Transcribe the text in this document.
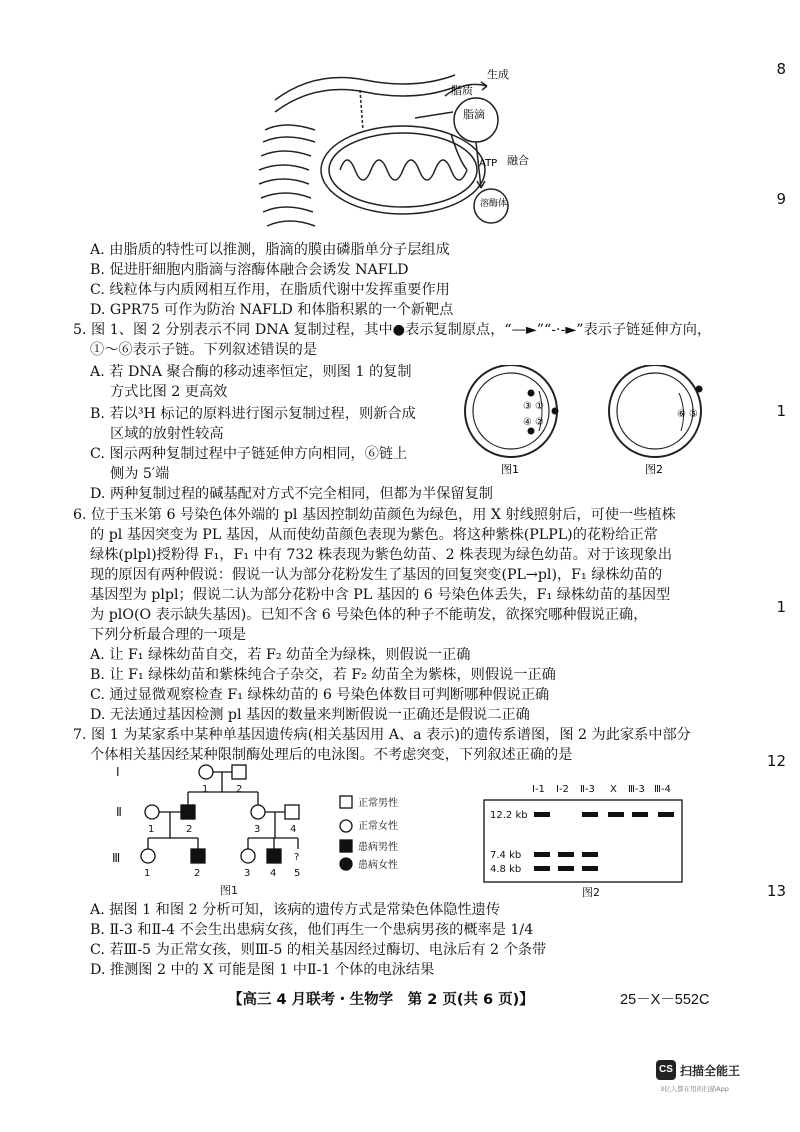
8
9
1
1
12
13
生成
脂质
脂滴
ATP 融合
溶酶体
A. 由脂质的特性可以推测，脂滴的膜由磷脂单分子层组成
B. 促进肝細胞内脂滴与溶酶体融合会诱发 NAFLD
C. 线粒体与内质网相互作用，在脂质代谢中发挥重要作用
D. GPR75 可作为防治 NAFLD 和体脂积累的一个新靶点
5. 图 1、图 2 分别表示不同 DNA 复制过程，其中●表示复制原点，“—►”“-·-►”表示子链延伸方向，
①～⑥表示子链。下列叙述错误的是
A. 若 DNA 聚合酶的移动速率恒定，则图 1 的复制
方式比图 2 更高效
B. 若以³H 标记的原料进行图示复制过程，则新合成
区域的放射性较高
C. 图示两种复制过程中子链延伸方向相同，⑥链上
侧为 5′端
D. 两种复制过程的碱基配对方式不完全相同，但都为半保留复制
③ ①
④ ②
⑥ ⑤
图1	图2
6. 位于玉米第 6 号染色体外端的 pl 基因控制幼苗颜色为绿色，用 X 射线照射后，可使一些植株
的 pl 基因突变为 PL 基因，从而使幼苗颜色表现为紫色。将这种紫株(PLPL)的花粉给正常
绿株(plpl)授粉得 F₁，F₁ 中有 732 株表现为紫色幼苗、2 株表现为绿色幼苗。对于该现象出
现的原因有两种假说：假说一认为部分花粉发生了基因的回复突变(PL→pl)，F₁ 绿株幼苗的
基因型为 plpl；假说二认为部分花粉中含 PL 基因的 6 号染色体丢失，F₁ 绿株幼苗的基因型
为 plO(O 表示缺失基因)。已知不含 6 号染色体的种子不能萌发，欲探究哪种假说正确，
下列分析最合理的一项是
A. 让 F₁ 绿株幼苗自交，若 F₂ 幼苗全为绿株，则假说一正确
B. 让 F₁ 绿株幼苗和紫株纯合子杂交，若 F₂ 幼苗全为紫株，则假说一正确
C. 通过显微观察检查 F₁ 绿株幼苗的 6 号染色体数目可判断哪种假说正确
D. 无法通过基因检测 pl 基因的数量来判断假说一正确还是假说二正确
7. 图 1 为某家系中某种单基因遗传病(相关基因用 A、a 表示)的遗传系谱图，图 2 为此家系中部分
个体相关基因经某种限制酶处理后的电泳图。不考虑突变，下列叙述正确的是
Ⅰ
Ⅱ
Ⅲ
1	2
1	2	3	4
1	2	3 4 5
?
图1
正常男性
正常女性
患病男性
患病女性
Ⅰ-1 Ⅰ-2 Ⅱ-3 X Ⅲ-3 Ⅲ-4
12.2 kb
7.4 kb
4.8 kb
图2
A. 据图 1 和图 2 分析可知，该病的遗传方式是常染色体隐性遗传
B. Ⅱ-3 和Ⅱ-4 不会生出患病女孩，他们再生一个患病男孩的概率是 1/4
C. 若Ⅲ-5 为正常女孩，则Ⅲ-5 的相关基因经过酶切、电泳后有 2 个条带
D. 推测图 2 中的 X 可能是图 1 中Ⅱ-1 个体的电泳结果
【高三 4 月联考・生物学　第 2 页(共 6 页)】	25－X－552C
CS 扫描全能王
3亿人都在用的扫描App
